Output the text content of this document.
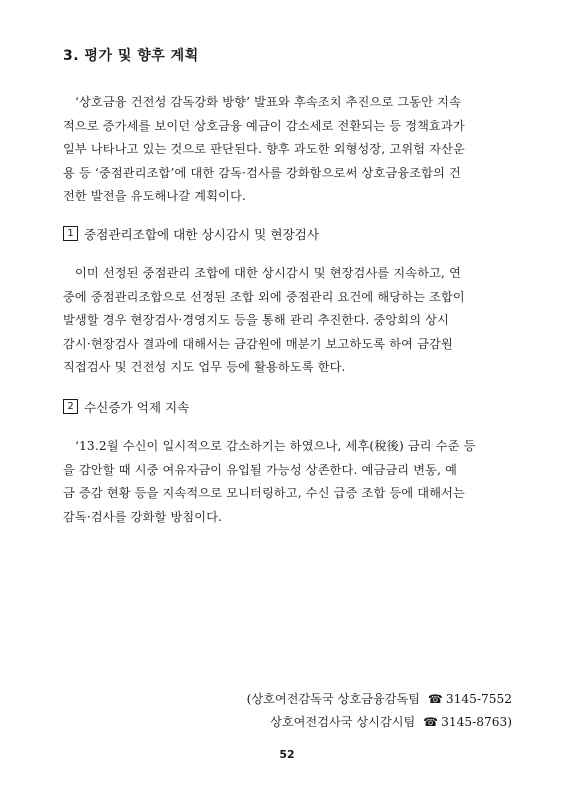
3. 평가 및 향후 계획
‘상호금융 건전성 감독강화 방향’ 발표와 후속조치 추진으로 그동안 지속
적으로 증가세를 보이던 상호금융 예금이 감소세로 전환되는 등 정책효과가
일부 나타나고 있는 것으로 판단된다. 향후 과도한 외형성장, 고위험 자산운
용 등 ‘중점관리조합’에 대한 감독·검사를 강화함으로써 상호금융조합의 건
전한 발전을 유도해나갈 계획이다.
1 중점관리조합에 대한 상시감시 및 현장검사
이미 선정된 중점관리 조합에 대한 상시감시 및 현장검사를 지속하고, 연
중에 중점관리조합으로 선정된 조합 외에 중점관리 요건에 해당하는 조합이
발생할 경우 현장검사·경영지도 등을 통해 관리 추진한다. 중앙회의 상시
감시·현장검사 결과에 대해서는 금감원에 매분기 보고하도록 하여 금감원
직접검사 및 건전성 지도 업무 등에 활용하도록 한다.
2 수신증가 억제 지속
‘13.2월 수신이 일시적으로 감소하기는 하였으나, 세후(稅後) 금리 수준 등
을 감안할 때 시중 여유자금이 유입될 가능성 상존한다. 예금금리 변동, 예
금 증감 현황 등을 지속적으로 모니터링하고, 수신 급증 조합 등에 대해서는
감독·검사를 강화할 방침이다.
(상호여전감독국 상호금융감독팀 ☎ 3145-7552
상호여전검사국 상시감시팀 ☎ 3145-8763)
52
